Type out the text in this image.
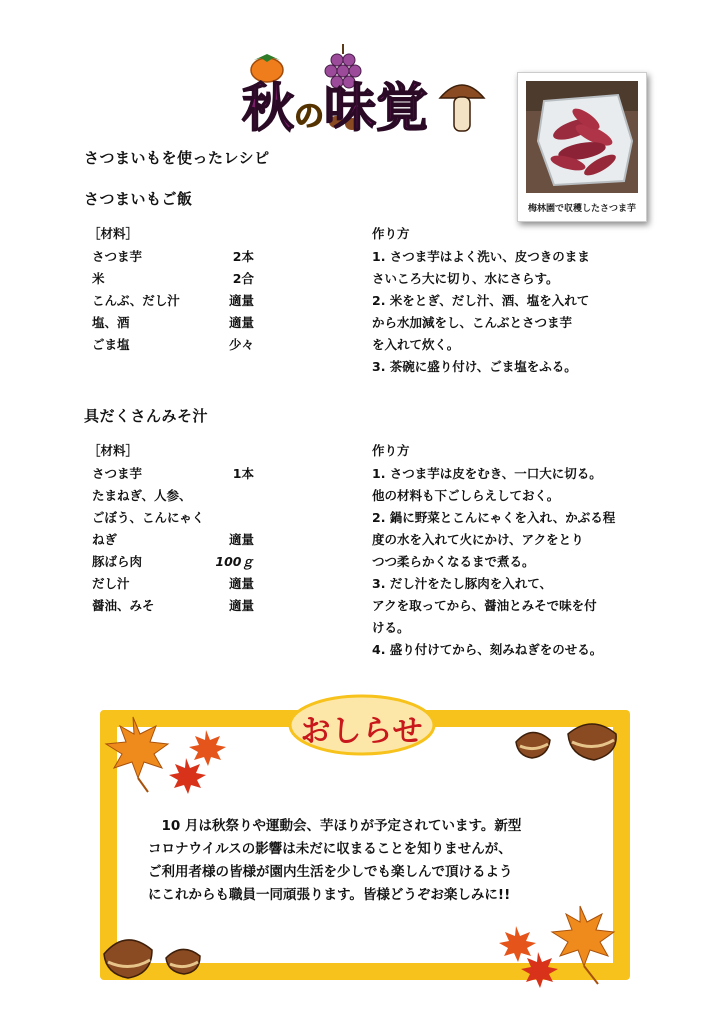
秋の味覚
梅林園で収穫したさつま芋
さつまいもを使ったレシピ
さつまいもご飯
［材料］
さつま芋	2本
米	2合
こんぶ、だし汁	適量
塩、酒	適量
ごま塩	少々
作り方
1. さつま芋はよく洗い、皮つきのまま
さいころ大に切り、水にさらす。
2. 米をとぎ、だし汁、酒、塩を入れて
から水加減をし、こんぶとさつま芋
を入れて炊く。
3. 茶碗に盛り付け、ごま塩をふる。
具だくさんみそ汁
［材料］
さつま芋	1本
たまねぎ、人参、
ごぼう、こんにゃく
ねぎ	適量
豚ばら肉	100ｇ
だし汁	適量
醤油、みそ	適量
作り方
1. さつま芋は皮をむき、一口大に切る。
他の材料も下ごしらえしておく。
2. 鍋に野菜とこんにゃくを入れ、かぶる程
度の水を入れて火にかけ、アクをとり
つつ柔らかくなるまで煮る。
3. だし汁をたし豚肉を入れて、
アクを取ってから、醤油とみそで味を付
ける。
4. 盛り付けてから、刻みねぎをのせる。
おしらせ

　10 月は秋祭りや運動会、芋ほりが予定されています。新型

コロナウイルスの影響は未だに収まることを知りませんが、

ご利用者様の皆様が園内生活を少しでも楽しんで頂けるよう

にこれからも職員一同頑張ります。皆様どうぞお楽しみに!!
